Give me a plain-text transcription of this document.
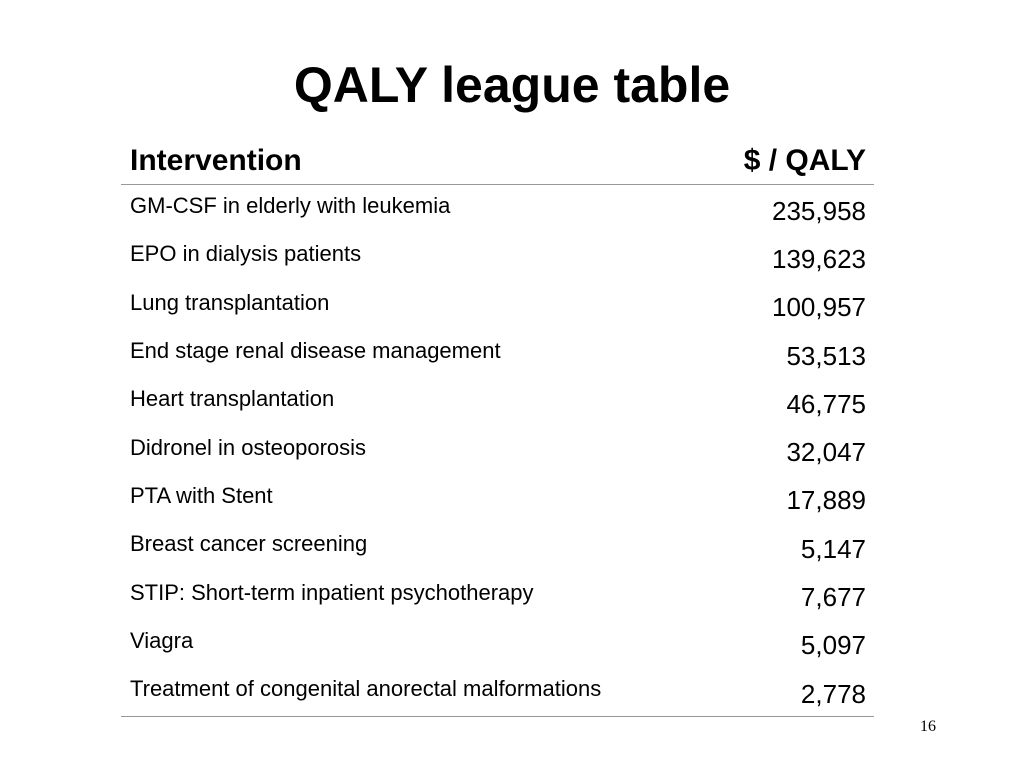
QALY league table
Intervention	$ / QALY
GM-CSF in elderly with leukemia	235,958
EPO in dialysis patients	139,623
Lung transplantation	100,957
End stage renal disease management	53,513
Heart transplantation	46,775
Didronel in osteoporosis	32,047
PTA with Stent	17,889
Breast cancer screening	5,147
STIP: Short-term inpatient psychotherapy	7,677
Viagra	5,097
Treatment of congenital anorectal malformations	2,778
16
